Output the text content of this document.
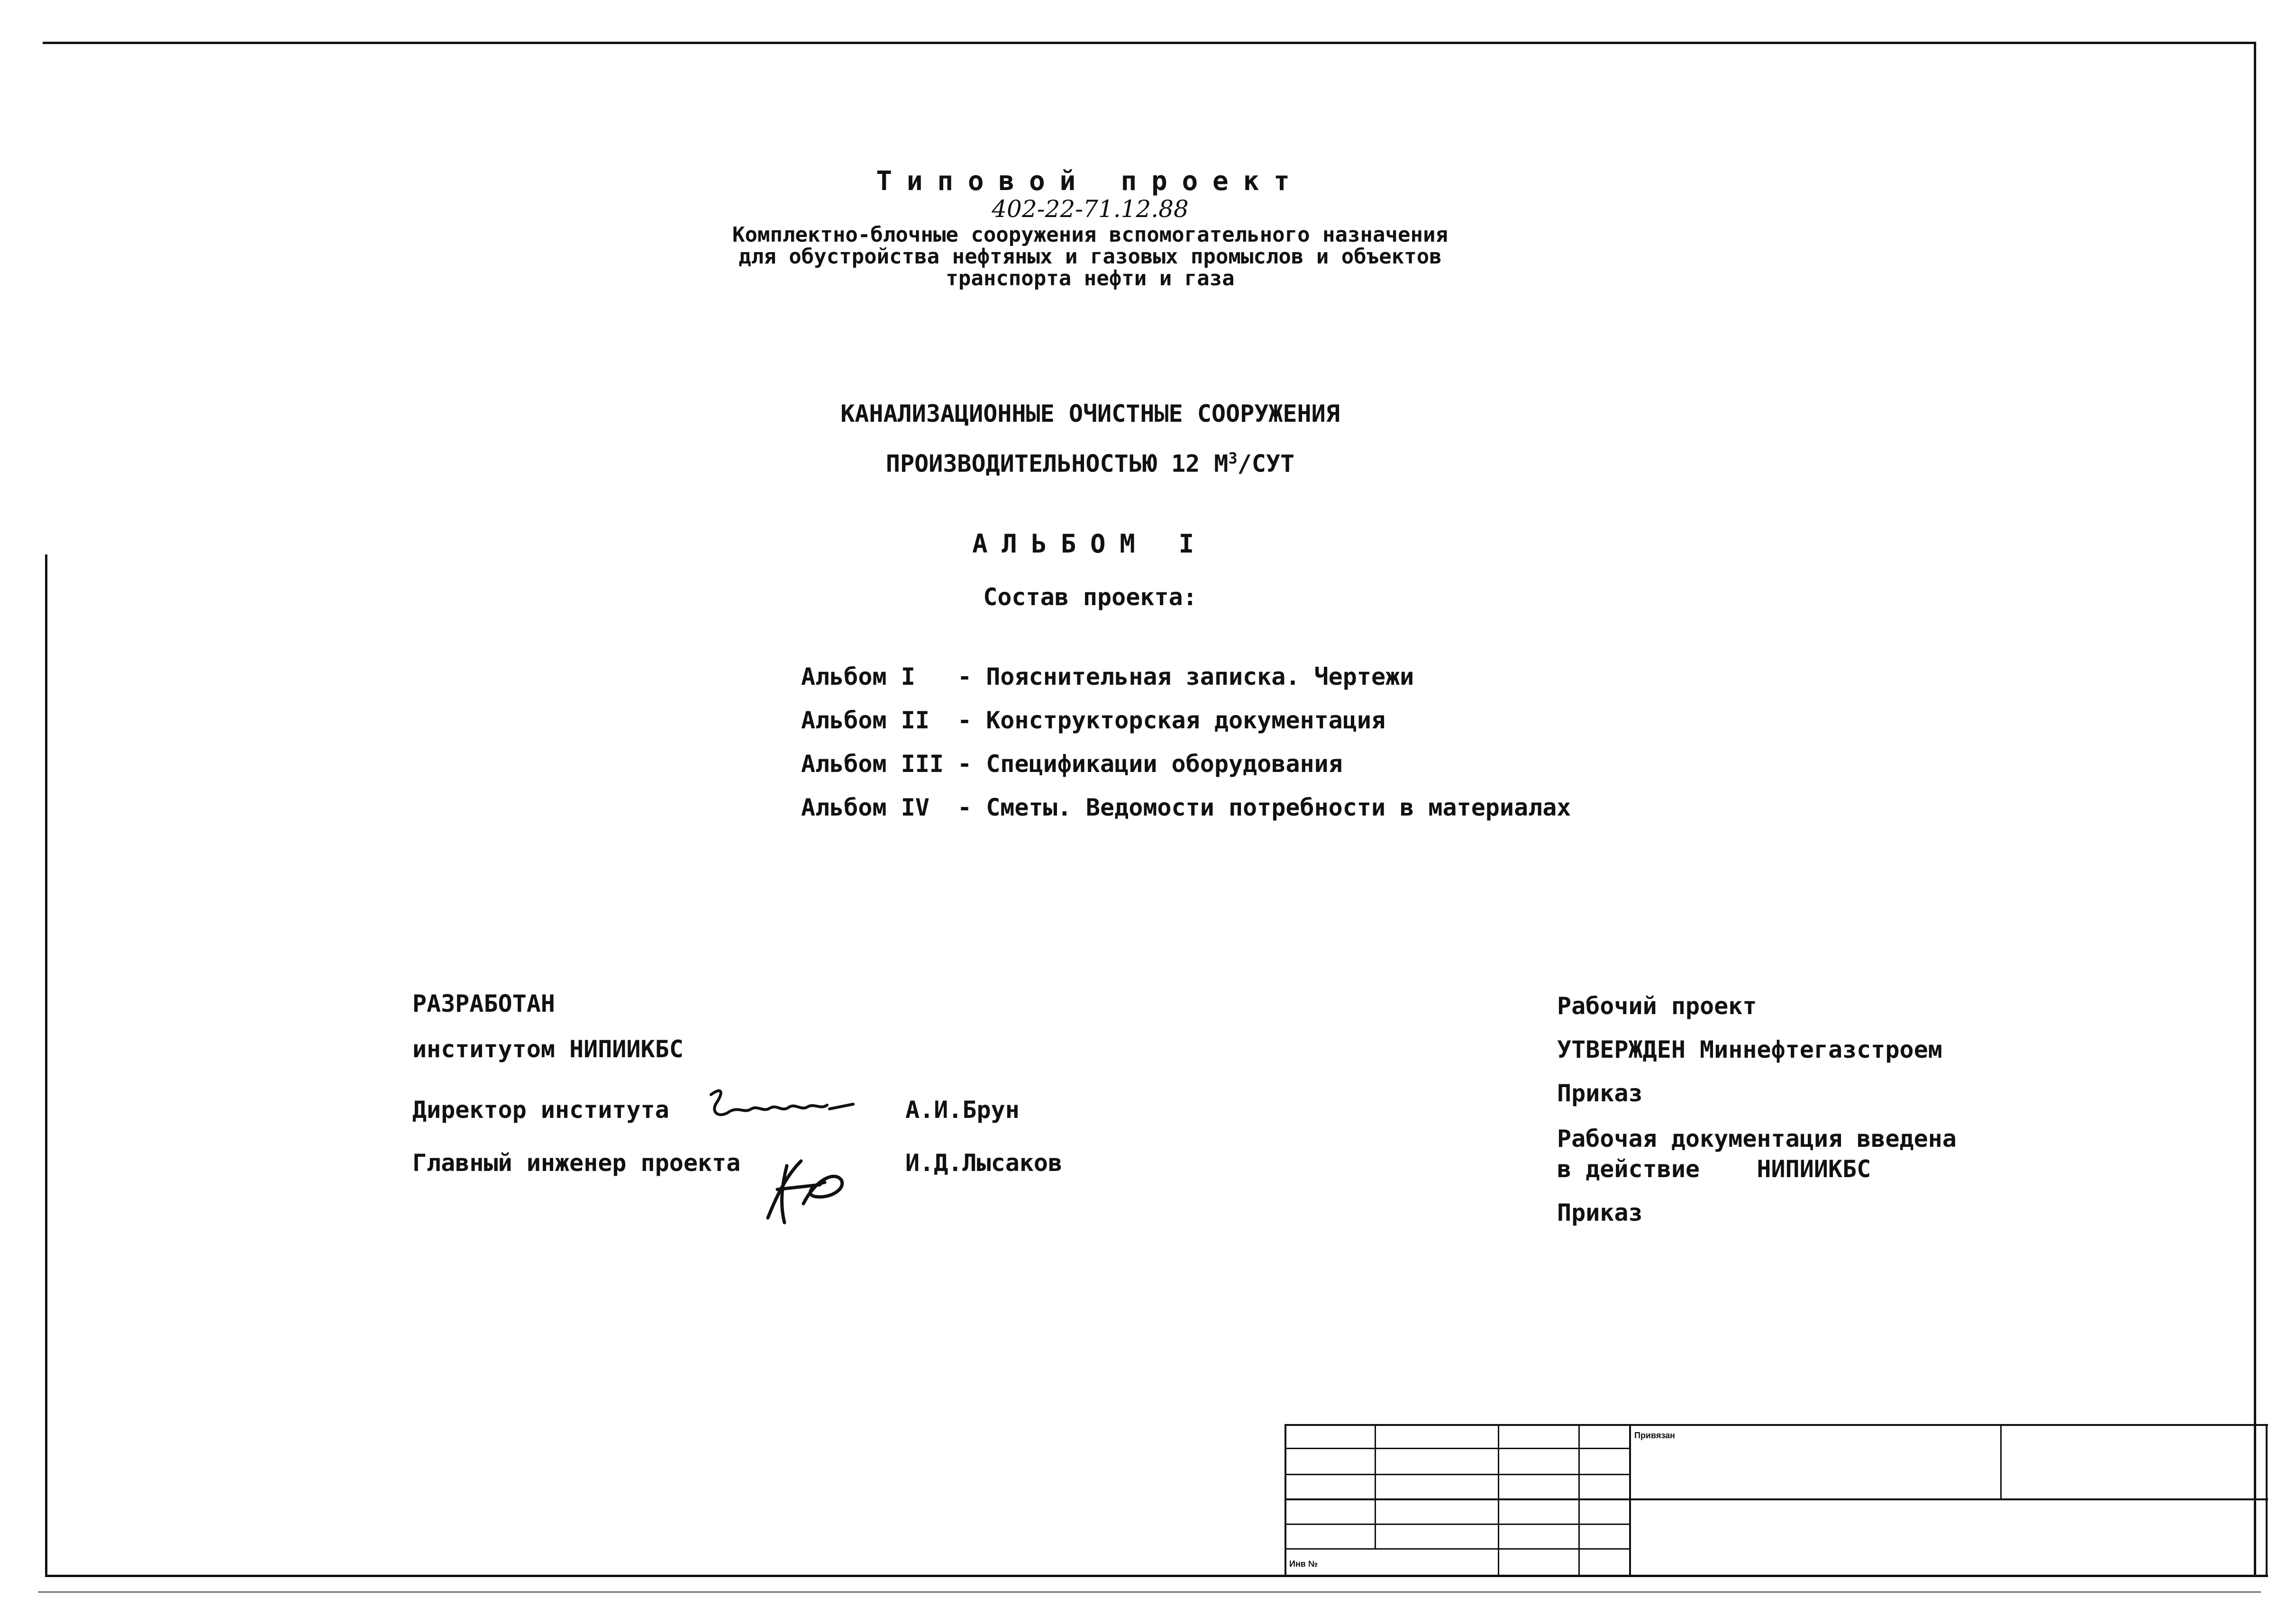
Типовой проект
402-22-71.12.88
Комплектно-блочные сооружения вспомогательного назначения
для обустройства нефтяных и газовых промыслов и объектов
транспорта нефти и газа
КАНАЛИЗАЦИОННЫЕ ОЧИСТНЫЕ СООРУЖЕНИЯ
ПРОИЗВОДИТЕЛЬНОСТЬЮ 12 $М^3$/СУТ
АЛЬБОМ I
Состав проекта:
Альбом I - Пояснительная записка. Чертежи
Альбом II - Конструкторская документация
Альбом III - Спецификации оборудования
Альбом IV - Сметы. Ведомости потребности в материалах
РАЗРАБОТАН
институтом НИПИИКБС
Директор института	А.И.Брун
Главный инженер проекта	И.Д.Лысаков
Рабочий проект
УТВЕРЖДЕН Миннефтегазстроем
Приказ
Рабочая документация введена
в действие    НИПИИКБС
Приказ
Привязан
Инв №
